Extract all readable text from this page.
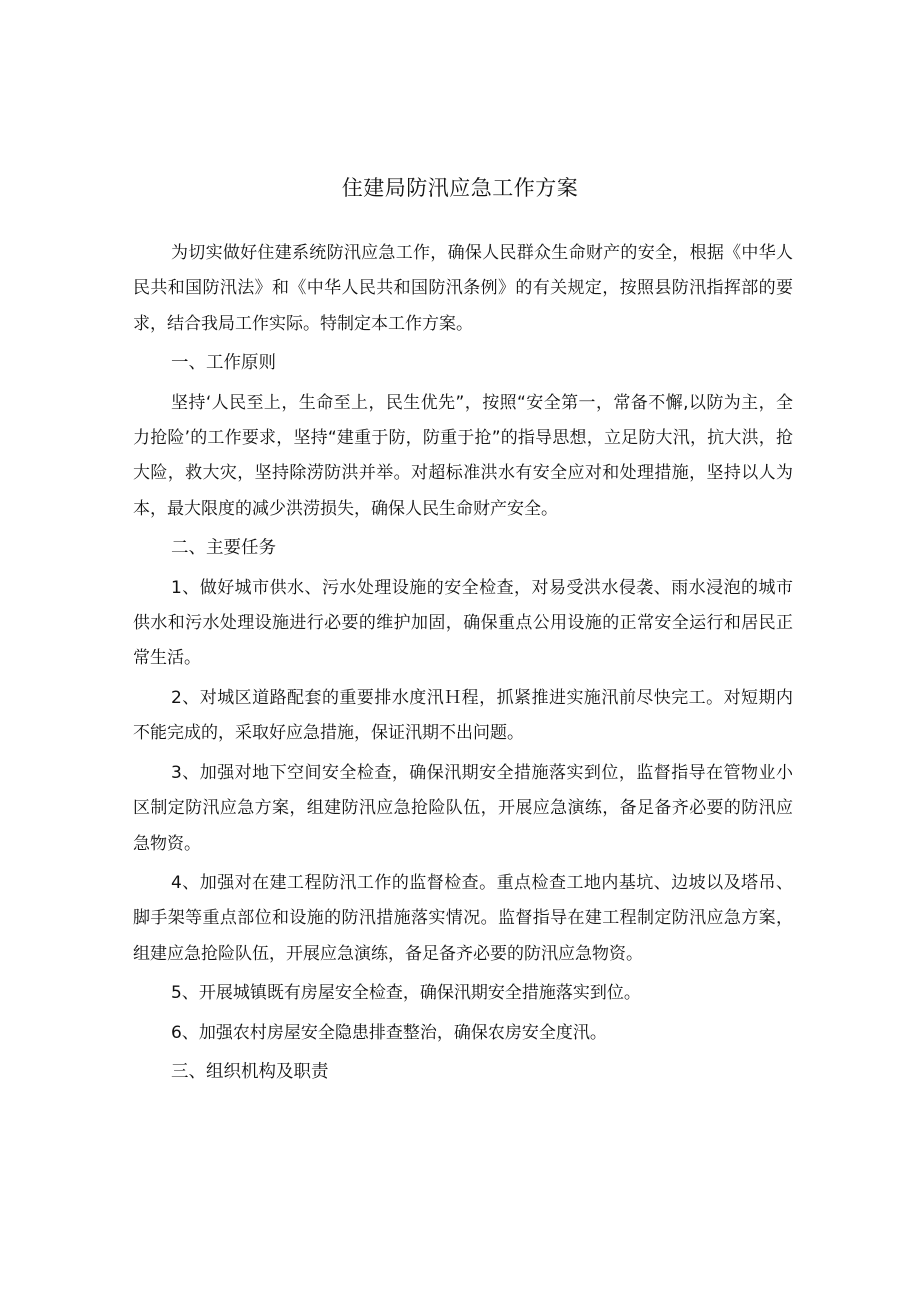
住建局防汛应急工作方案

为切实做好住建系统防汛应急工作，确保人民群众生命财产的安全，根据《中华人民共和国防汛法》和《中华人民共和国防汛条例》的有关规定，按照县防汛指挥部的要求，结合我局工作实际。特制定本工作方案。

一、工作原则

坚持‘人民至上，生命至上，民生优先”，按照“安全第一，常备不懈,以防为主，全力抢险’的工作要求，坚持“建重于防，防重于抢”的指导思想，立足防大汛，抗大洪，抢大险，救大灾，坚持除涝防洪并举。对超标准洪水有安全应对和处理措施，坚持以人为本，最大限度的减少洪涝损失，确保人民生命财产安全。

二、主要任务

1、做好城市供水、污水处理设施的安全检查，对易受洪水侵袭、雨水浸泡的城市供水和污水处理设施进行必要的维护加固，确保重点公用设施的正常安全运行和居民正常生活。

2、对城区道路配套的重要排水度汛Ｈ程，抓紧推进实施汛前尽快完工。对短期内不能完成的，采取好应急措施，保证汛期不出问题。

3、加强对地下空间安全检查，确保汛期安全措施落实到位，监督指导在管物业小区制定防汛应急方案，组建防汛应急抢险队伍，开展应急演练，备足备齐必要的防汛应急物资。

4、加强对在建工程防汛工作的监督检查。重点检查工地内基坑、边坡以及塔吊、脚手架等重点部位和设施的防汛措施落实情况。监督指导在建工程制定防汛应急方案，组建应急抢险队伍，开展应急演练，备足备齐必要的防汛应急物资。

5、开展城镇既有房屋安全检查，确保汛期安全措施落实到位。

6、加强农村房屋安全隐患排查整治，确保农房安全度汛。

三、组织机构及职责
